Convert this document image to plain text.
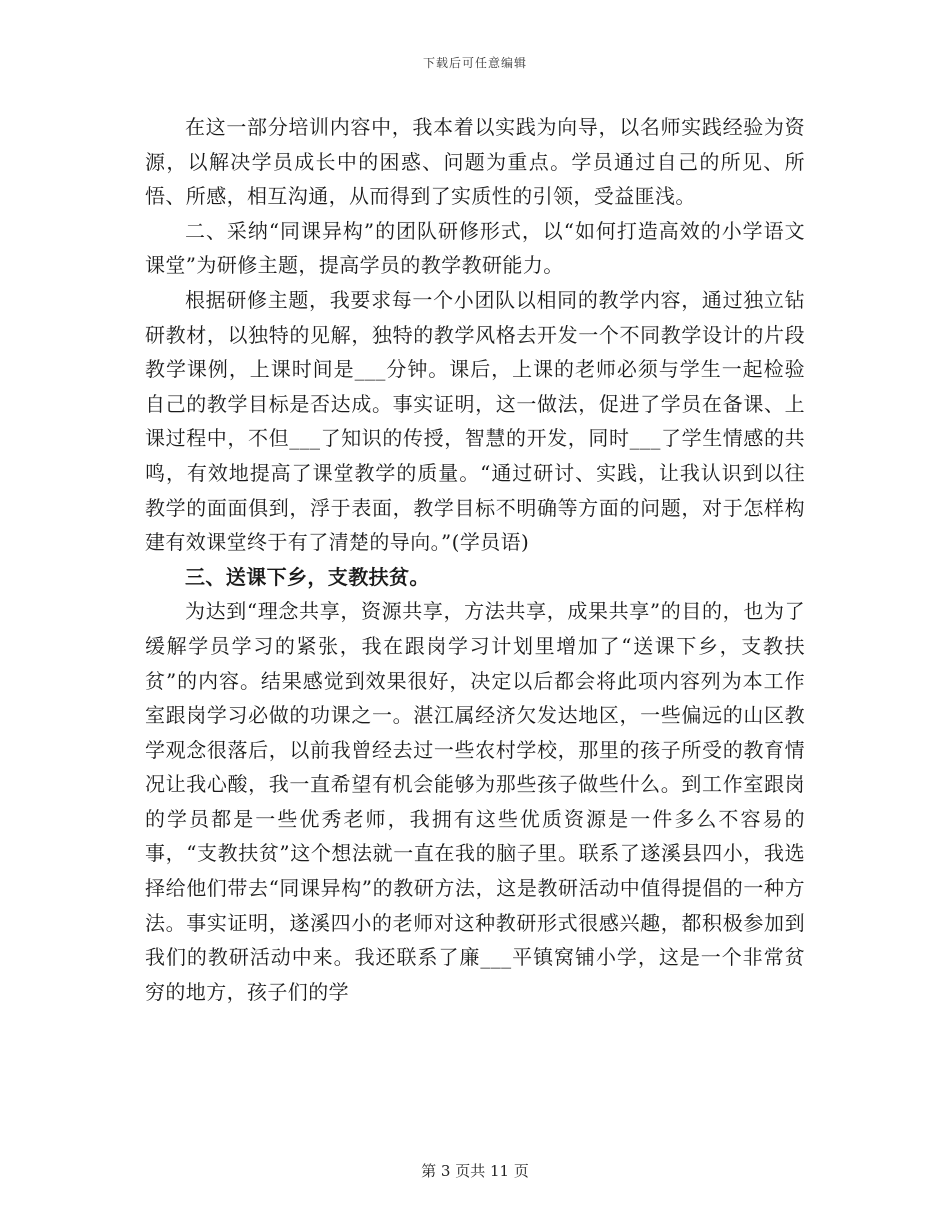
下载后可任意编辑

在这一部分培训内容中，我本着以实践为向导，以名师实践经验为资源，以解决学员成长中的困惑、问题为重点。学员通过自己的所见、所悟、所感，相互沟通，从而得到了实质性的引领，受益匪浅。

二、采纳“同课异构”的团队研修形式，以“如何打造高效的小学语文课堂”为研修主题，提高学员的教学教研能力。

根据研修主题，我要求每一个小团队以相同的教学内容，通过独立钻研教材，以独特的见解，独特的教学风格去开发一个不同教学设计的片段教学课例，上课时间是___分钟。课后，上课的老师必须与学生一起检验自己的教学目标是否达成。事实证明，这一做法，促进了学员在备课、上课过程中，不但___了知识的传授，智慧的开发，同时___了学生情感的共鸣，有效地提高了课堂教学的质量。“通过研讨、实践，让我认识到以往教学的面面俱到，浮于表面，教学目标不明确等方面的问题，对于怎样构建有效课堂终于有了清楚的导向。”(学员语)

三、送课下乡，支教扶贫。

为达到“理念共享，资源共享，方法共享，成果共享”的目的，也为了缓解学员学习的紧张，我在跟岗学习计划里增加了“送课下乡，支教扶贫”的内容。结果感觉到效果很好，决定以后都会将此项内容列为本工作室跟岗学习必做的功课之一。湛江属经济欠发达地区，一些偏远的山区教学观念很落后，以前我曾经去过一些农村学校，那里的孩子所受的教育情况让我心酸，我一直希望有机会能够为那些孩子做些什么。到工作室跟岗的学员都是一些优秀老师，我拥有这些优质资源是一件多么不容易的事，“支教扶贫”这个想法就一直在我的脑子里。联系了遂溪县四小，我选择给他们带去“同课异构”的教研方法，这是教研活动中值得提倡的一种方法。事实证明，遂溪四小的老师对这种教研形式很感兴趣，都积极参加到我们的教研活动中来。我还联系了廉___平镇窝铺小学，这是一个非常贫穷的地方，孩子们的学

第 3 页共 11 页
